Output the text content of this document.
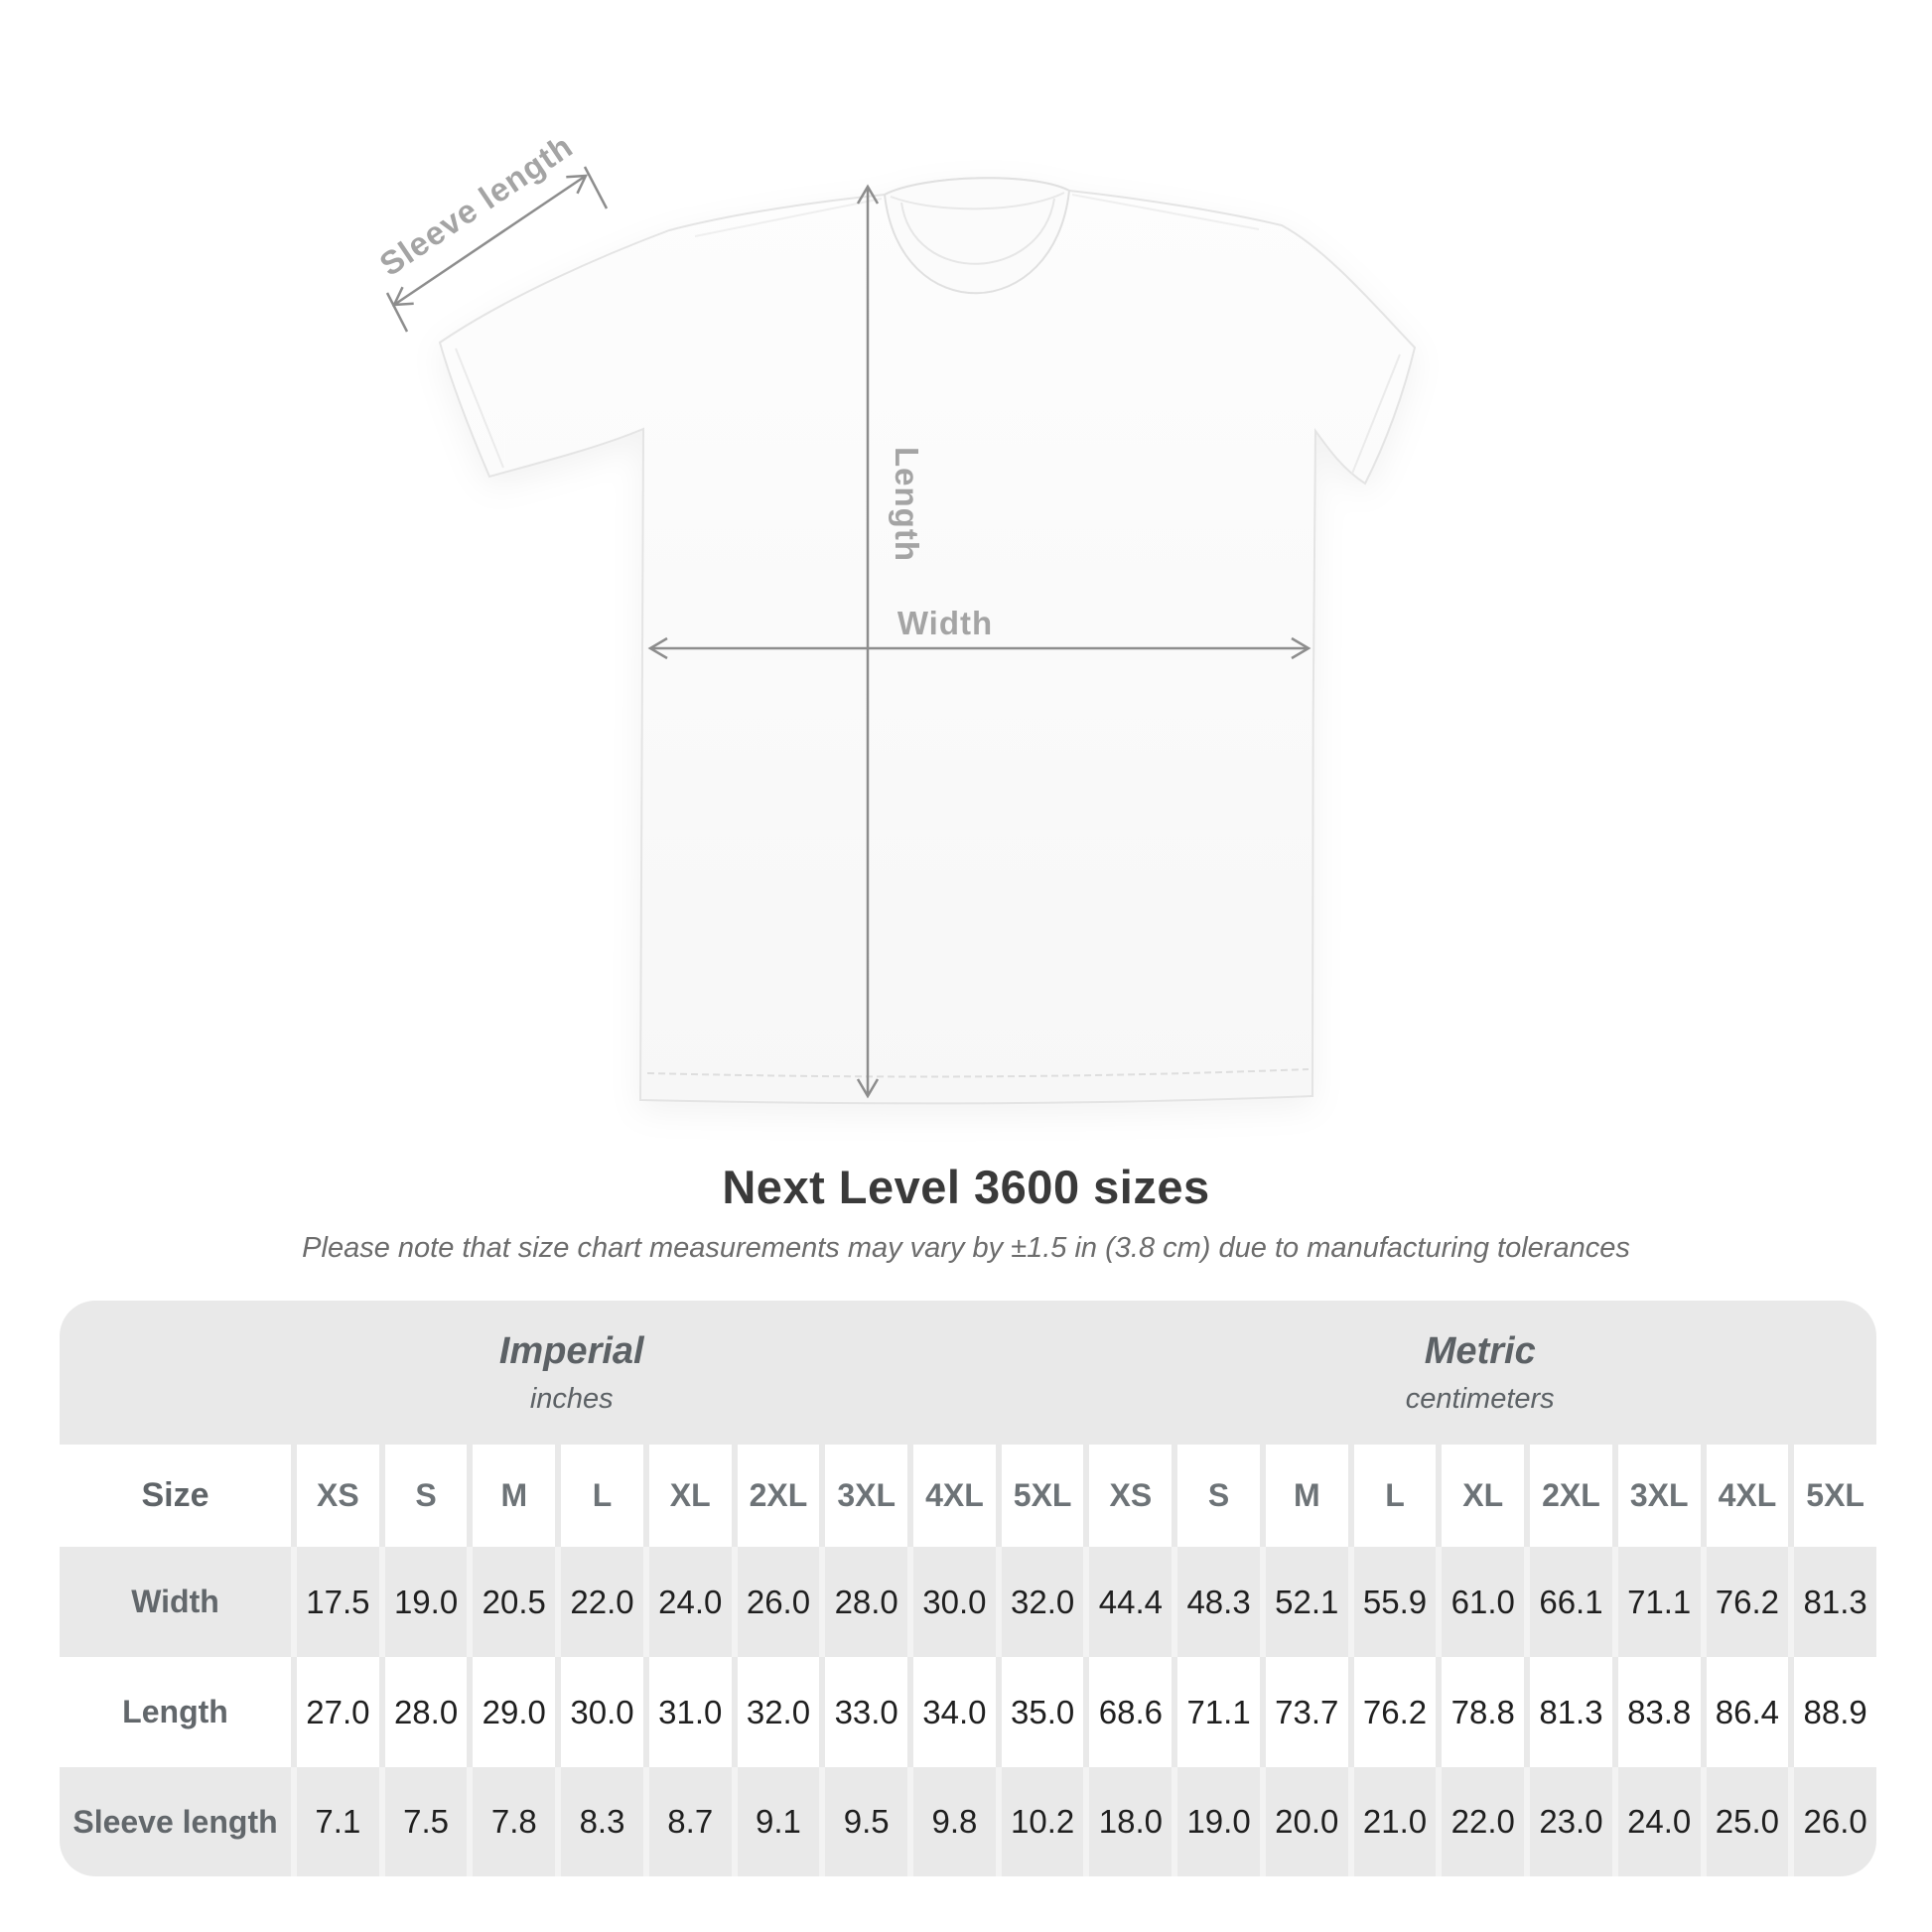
Sleeve length
Length
Width
Next Level 3600 sizes
Please note that size chart measurements may vary by ±1.5 in (3.8 cm) due to manufacturing tolerances
Imperial
inches
Metric
centimeters
Size	XS	S	M	L	XL	2XL 3XL 4XL 5XL	XS	S	M	L	XL	2XL 3XL 4XL 5XL
Width	17.5 19.0 20.5 22.0 24.0 26.0 28.0 30.0 32.0 44.4 48.3 52.1 55.9 61.0 66.1 71.1 76.2 81.3
Length	27.0 28.0 29.0 30.0 31.0 32.0 33.0 34.0 35.0 68.6 71.1 73.7 76.2 78.8 81.3 83.8 86.4 88.9
Sleeve length	7.1	7.5	7.8	8.3	8.7	9.1	9.5	9.8	10.2 18.0 19.0 20.0 21.0 22.0 23.0 24.0 25.0 26.0
